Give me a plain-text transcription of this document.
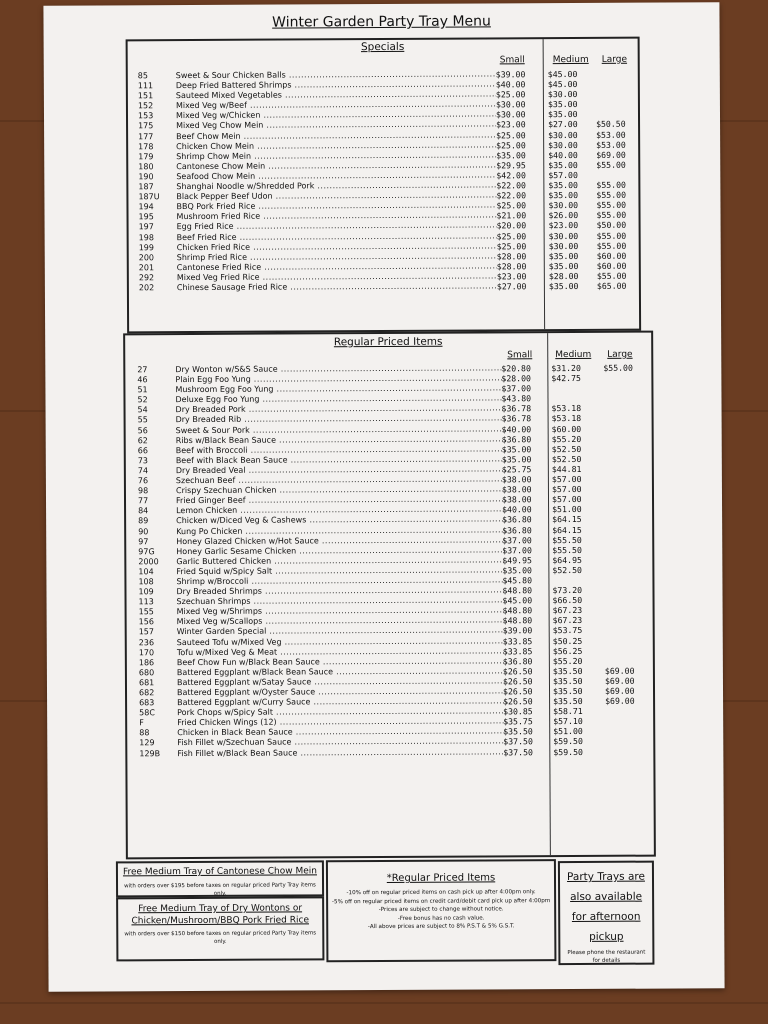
Winter Garden Party Tray Menu
Specials
Small	Medium Large
85	Sweet & Sour Chicken Balls .....	$39.00	$45.00
111	Deep Fried Battered Shrimps .....	$40.00	$45.00
151	Sauteed Mixed Vegetables .....	$25.00	$30.00
152	Mixed Veg w/Beef .....	$30.00	$35.00
153	Mixed Veg w/Chicken .....	$30.00	$35.00
175	Mixed Veg Chow Mein .....	$23.00	$27.00 $50.50
177	Beef Chow Mein .....	$25.00	$30.00 $53.00
178	Chicken Chow Mein .....	$25.00	$30.00 $53.00
179	Shrimp Chow Mein .....	$35.00	$40.00 $69.00
180	Cantonese Chow Mein .....	$29.95	$35.00 $55.00
190	Seafood Chow Mein .....	$42.00	$57.00
187	Shanghai Noodle w/Shredded Pork .....	$22.00	$35.00 $55.00
187U	Black Pepper Beef Udon .....	$22.00	$35.00 $55.00
194	BBQ Pork Fried Rice .....	$25.00	$30.00 $55.00
195	Mushroom Fried Rice .....	$21.00	$26.00 $55.00
197	Egg Fried Rice .....	$20.00	$23.00 $50.00
198	Beef Fried Rice .....	$25.00	$30.00 $55.00
199	Chicken Fried Rice .....	$25.00	$30.00 $55.00
200	Shrimp Fried Rice .....	$28.00	$35.00 $60.00
201	Cantonese Fried Rice .....	$28.00	$35.00 $60.00
292	Mixed Veg Fried Rice .....	$23.00	$28.00 $55.00
202	Chinese Sausage Fried Rice .....	$27.00	$35.00 $65.00
Regular Priced Items
Small	Medium Large
27	Dry Wonton w/S&S Sauce .....	$20.80 $31.20	$55.00
46	Plain Egg Foo Yung .....	$28.00 $42.75
51	Mushroom Egg Foo Yung .....	$37.00
52	Deluxe Egg Foo Yung .....	$43.80
54	Dry Breaded Pork .....	$36.78 $53.18
55	Dry Breaded Rib .....	$36.78 $53.18
56	Sweet & Sour Pork .....	$40.00 $60.00
62	Ribs w/Black Bean Sauce .....	$36.80 $55.20
66	Beef with Broccoli .....	$35.00 $52.50
73	Beef with Black Bean Sauce .....	$35.00 $52.50
74	Dry Breaded Veal .....	$25.75 $44.81
76	Szechuan Beef .....	$38.00 $57.00
98	Crispy Szechuan Chicken .....	$38.00 $57.00
77	Fried Ginger Beef .....	$38.00 $57.00
84	Lemon Chicken .....	$40.00 $51.00
89	Chicken w/Diced Veg & Cashews .....	$36.80 $64.15
90	Kung Po Chicken .....	$36.80 $64.15
97	Honey Glazed Chicken w/Hot Sauce .....	$37.00 $55.50
97G	Honey Garlic Sesame Chicken .....	$37.00 $55.50
2000	Garlic Buttered Chicken .....	$49.95 $64.95
104	Fried Squid w/Spicy Salt .....	$35.00 $52.50
108	Shrimp w/Broccoli .....	$45.80
109	Dry Breaded Shrimps .....	$48.80 $73.20
113	Szechuan Shrimps .....	$45.00 $66.50
155	Mixed Veg w/Shrimps .....	$48.80 $67.23
156	Mixed Veg w/Scallops .....	$48.80 $67.23
157	Winter Garden Special .....	$39.00 $53.75
236	Sauteed Tofu w/Mixed Veg .....	$33.85 $50.25
170	Tofu w/Mixed Veg & Meat .....	$33.85 $56.25
186	Beef Chow Fun w/Black Bean Sauce .....	$36.80 $55.20
680	Battered Eggplant w/Black Bean Sauce .....	$26.50 $35.50	$69.00
681	Battered Eggplant w/Satay Sauce .....	$26.50 $35.50	$69.00
682	Battered Eggplant w/Oyster Sauce .....	$26.50 $35.50	$69.00
683	Battered Eggplant w/Curry Sauce .....	$26.50 $35.50	$69.00
58C	Pork Chops w/Spicy Salt .....	$30.85 $58.71
F	Fried Chicken Wings (12) .....	$35.75 $57.10
88	Chicken in Black Bean Sauce .....	$35.50 $51.00
129	Fish Fillet w/Szechuan Sauce .....	$37.50 $59.50
129B	Fish Fillet w/Black Bean Sauce .....	$37.50 $59.50
Free Medium Tray of Cantonese Chow Mein
with orders over $195 before taxes on regular priced Party Tray items only.
Free Medium Tray of Dry Wontons or Chicken/Mushroom/BBQ Pork Fried Rice
with orders over $150 before taxes on regular priced Party Tray items only.
*Regular Priced Items
-10% off on regular priced items on cash pick up after 4:00pm only.
-5% off on regular priced items on credit card/debit card pick up after 4:00pm
-Prices are subject to change without notice.
-Free bonus has no cash value.
-All above prices are subject to 8% P.S.T & 5% G.S.T.
Party Trays are also available for afternoon pickup
Please phone the restaurant for details
